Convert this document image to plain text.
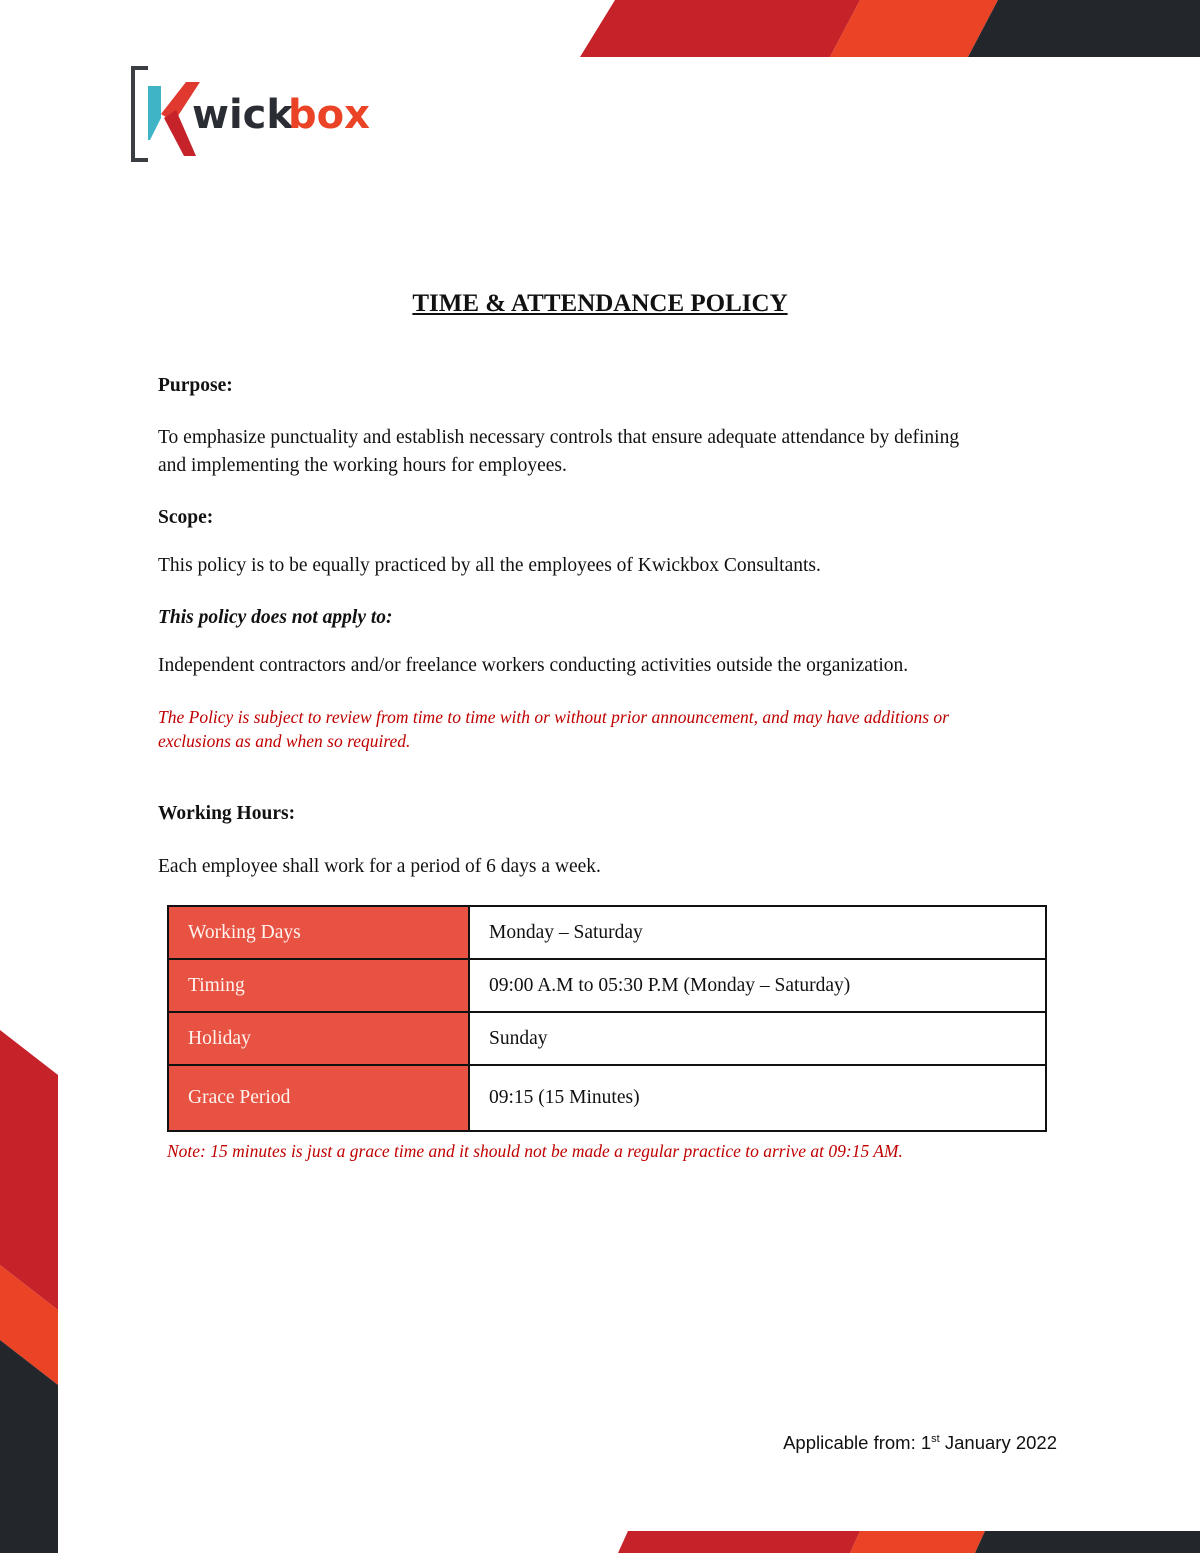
wick
box
TIME & ATTENDANCE POLICY
Purpose:
To emphasize punctuality and establish necessary controls that ensure adequate attendance by defining
and implementing the working hours for employees.
Scope:
This policy is to be equally practiced by all the employees of Kwickbox Consultants.
This policy does not apply to:
Independent contractors and/or freelance workers conducting activities outside the organization.
The Policy is subject to review from time to time with or without prior announcement, and may have additions or
exclusions as and when so required.
Working Hours:
Each employee shall work for a period of 6 days a week.
Working Days	Monday – Saturday
Timing	09:00 A.M to 05:30 P.M (Monday – Saturday)
Holiday	Sunday
Grace Period	09:15 (15 Minutes)
Note: 15 minutes is just a grace time and it should not be made a regular practice to arrive at 09:15 AM.
Applicable from: 1st January 2022
